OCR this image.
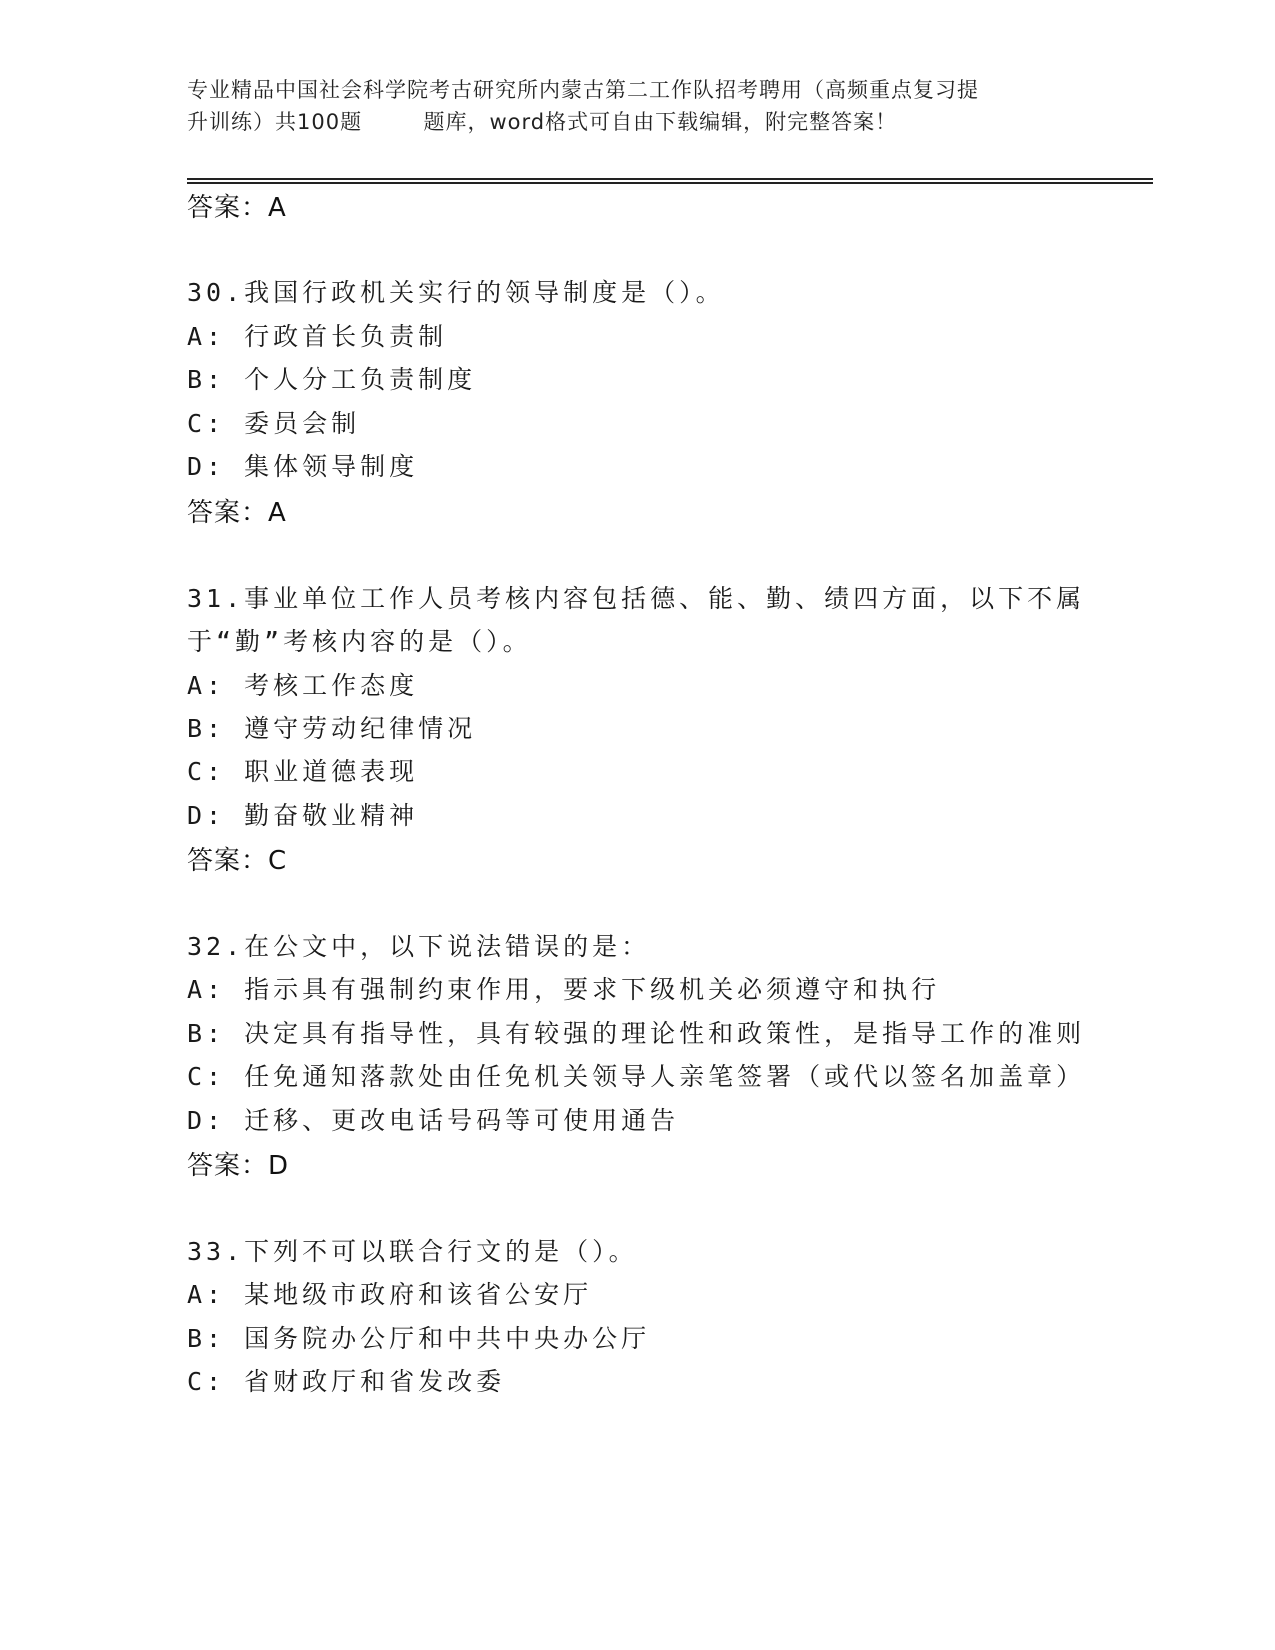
专业精品中国社会科学院考古研究所内蒙古第二工作队招考聘用（高频重点复习提
升训练）共100题        题库，word格式可自由下载编辑，附完整答案！
答案：A
30.我国行政机关实行的领导制度是（）。
A: 行政首长负责制
B: 个人分工负责制度
C: 委员会制
D: 集体领导制度
答案：A
31.事业单位工作人员考核内容包括德、能、勤、绩四方面，以下不属
于“勤”考核内容的是（）。
A: 考核工作态度
B: 遵守劳动纪律情况
C: 职业道德表现
D: 勤奋敬业精神
答案：C
32.在公文中，以下说法错误的是：
A: 指示具有强制约束作用，要求下级机关必须遵守和执行
B: 决定具有指导性，具有较强的理论性和政策性，是指导工作的准则
C: 任免通知落款处由任免机关领导人亲笔签署（或代以签名加盖章）
D: 迁移、更改电话号码等可使用通告
答案：D
33.下列不可以联合行文的是（）。
A: 某地级市政府和该省公安厅
B: 国务院办公厅和中共中央办公厅
C: 省财政厅和省发改委
